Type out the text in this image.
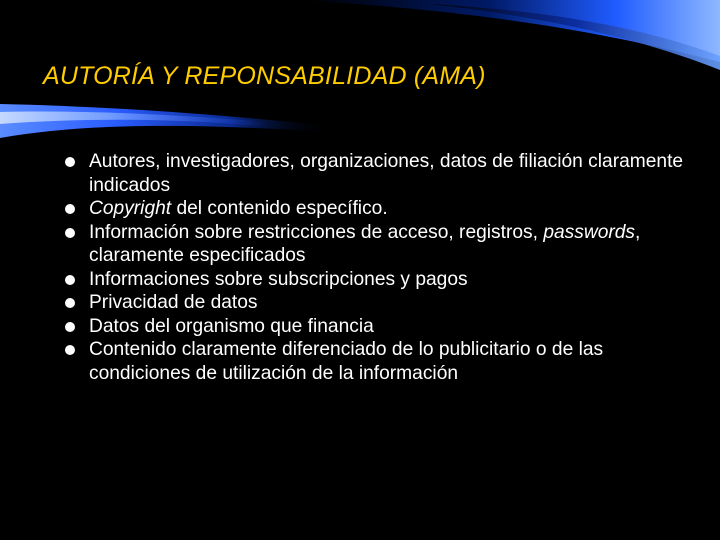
AUTORÍA Y REPONSABILIDAD (AMA)
Autores, investigadores, organizaciones, datos de filiación claramente indicados
Copyright del contenido específico.
Información sobre restricciones de acceso, registros, passwords, claramente especificados
Informaciones sobre subscripciones y pagos
Privacidad de datos
Datos del organismo que financia
Contenido claramente diferenciado de lo publicitario o de las condiciones de utilización de la información
